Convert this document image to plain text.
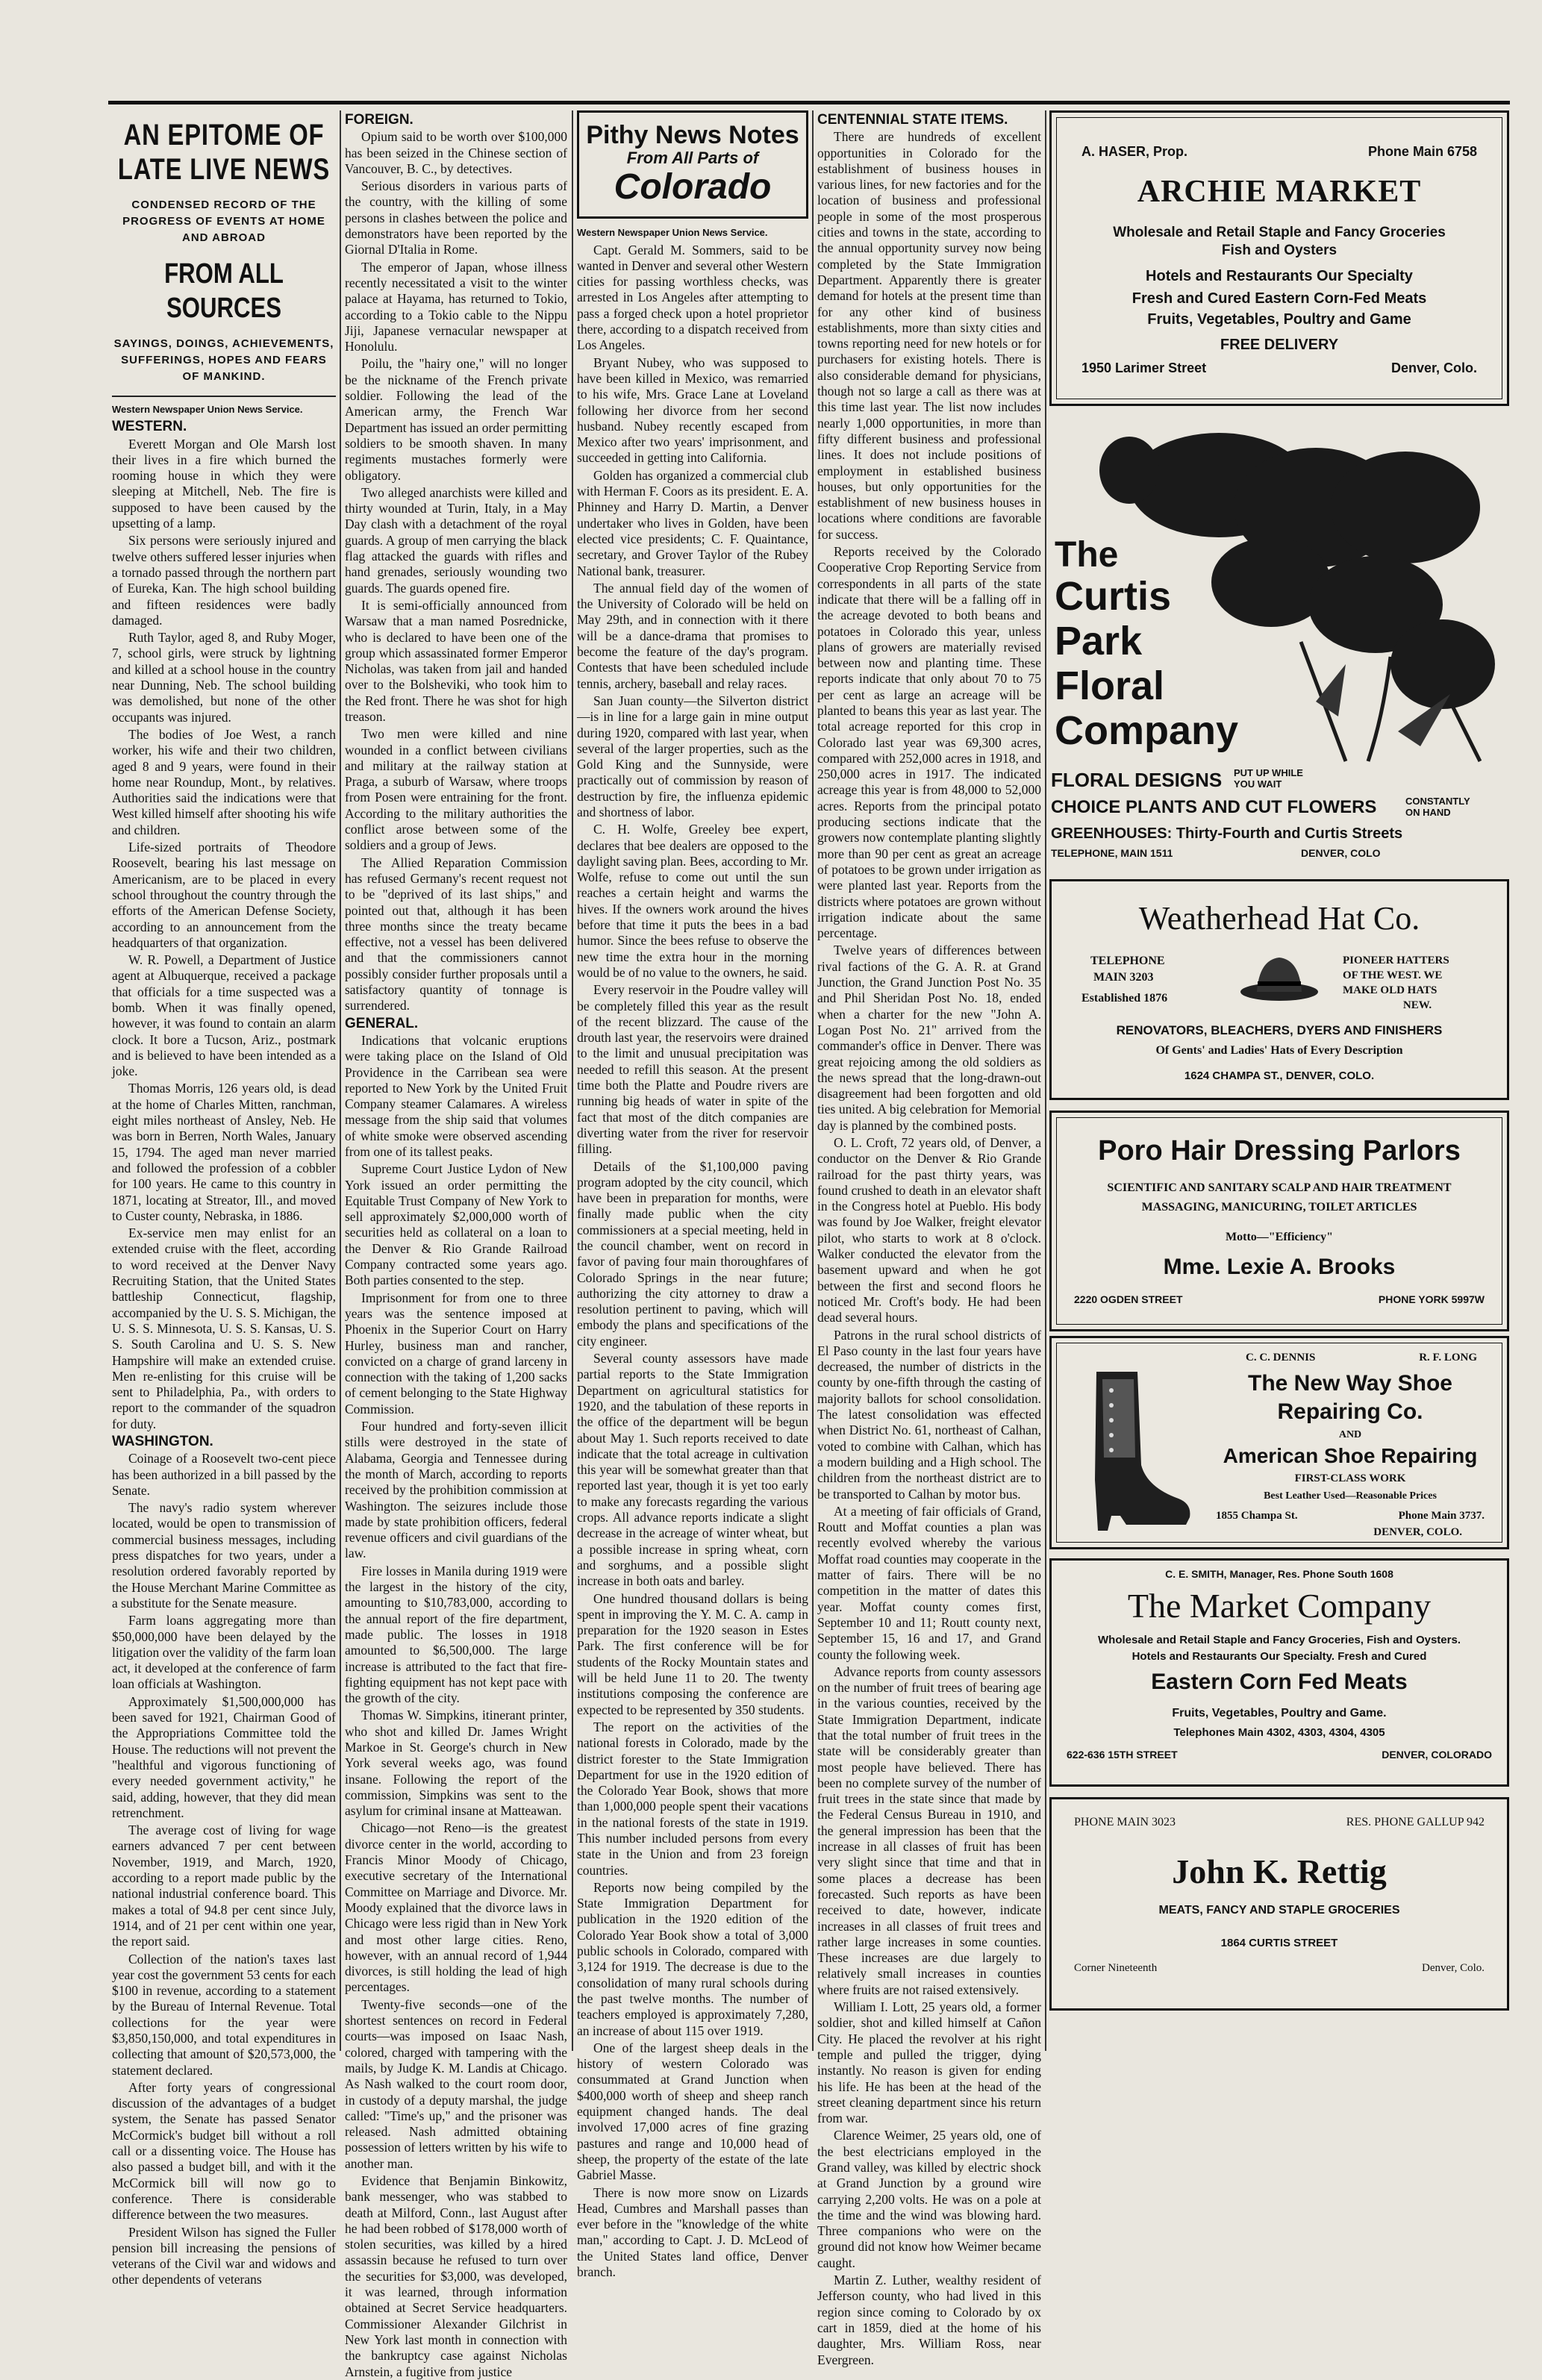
AN EPITOME OF
LATE LIVE NEWS
CONDENSED RECORD OF THE PROGRESS OF EVENTS AT HOME AND ABROAD
FROM ALL SOURCES
SAYINGS, DOINGS, ACHIEVEMENTS, SUFFERINGS, HOPES AND FEARS OF MANKIND.

Western Newspaper Union News Service.

WESTERN.

Everett Morgan and Ole Marsh lost their lives in a fire which burned the rooming house in which they were sleeping at Mitchell, Neb. The fire is supposed to have been caused by the upsetting of a lamp.

Six persons were seriously injured and twelve others suffered lesser injuries when a tornado passed through the northern part of Eureka, Kan. The high school building and fifteen residences were badly damaged.

Ruth Taylor, aged 8, and Ruby Moger, 7, school girls, were struck by lightning and killed at a school house in the country near Dunning, Neb. The school building was demolished, but none of the other occupants was injured.

The bodies of Joe West, a ranch worker, his wife and their two children, aged 8 and 9 years, were found in their home near Roundup, Mont., by relatives. Authorities said the indications were that West killed himself after shooting his wife and children.

Life-sized portraits of Theodore Roosevelt, bearing his last message on Americanism, are to be placed in every school throughout the country through the efforts of the American Defense Society, according to an announcement from the headquarters of that organization.

W. R. Powell, a Department of Justice agent at Albuquerque, received a package that officials for a time suspected was a bomb. When it was finally opened, however, it was found to contain an alarm clock. It bore a Tucson, Ariz., postmark and is believed to have been intended as a joke.

Thomas Morris, 126 years old, is dead at the home of Charles Mitten, ranchman, eight miles northeast of Ansley, Neb. He was born in Berren, North Wales, January 15, 1794. The aged man never married and followed the profession of a cobbler for 100 years. He came to this country in 1871, locating at Streator, Ill., and moved to Custer county, Nebraska, in 1886.

Ex-service men may enlist for an extended cruise with the fleet, according to word received at the Denver Navy Recruiting Station, that the United States battleship Connecticut, flagship, accompanied by the U. S. S. Michigan, the U. S. S. Minnesota, U. S. S. Kansas, U. S. S. South Carolina and U. S. S. New Hampshire will make an extended cruise. Men re-enlisting for this cruise will be sent to Philadelphia, Pa., with orders to report to the commander of the squadron for duty.

WASHINGTON.

Coinage of a Roosevelt two-cent piece has been authorized in a bill passed by the Senate.

The navy's radio system wherever located, would be open to transmission of commercial business messages, including press dispatches for two years, under a resolution ordered favorably reported by the House Merchant Marine Committee as a substitute for the Senate measure.

Farm loans aggregating more than $50,000,000 have been delayed by the litigation over the validity of the farm loan act, it developed at the conference of farm loan officials at Washington.

Approximately $1,500,000,000 has been saved for 1921, Chairman Good of the Appropriations Committee told the House. The reductions will not prevent the "healthful and vigorous functioning of every needed government activity," he said, adding, however, that they did mean retrenchment.

The average cost of living for wage earners advanced 7 per cent between November, 1919, and March, 1920, according to a report made public by the national industrial conference board. This makes a total of 94.8 per cent since July, 1914, and of 21 per cent within one year, the report said.

Collection of the nation's taxes last year cost the government 53 cents for each $100 in revenue, according to a statement by the Bureau of Internal Revenue. Total collections for the year were $3,850,150,000, and total expenditures in collecting that amount of $20,573,000, the statement declared.

After forty years of congressional discussion of the advantages of a budget system, the Senate has passed Senator McCormick's budget bill without a roll call or a dissenting voice. The House has also passed a budget bill, and with it the McCormick bill will now go to conference. There is considerable difference between the two measures.

President Wilson has signed the Fuller pension bill increasing the pensions of veterans of the Civil war and widows and other dependents of veterans

FOREIGN.

Opium said to be worth over $100,000 has been seized in the Chinese section of Vancouver, B. C., by detectives.

Serious disorders in various parts of the country, with the killing of some persons in clashes between the police and demonstrators have been reported by the Giornal D'Italia in Rome.

The emperor of Japan, whose illness recently necessitated a visit to the winter palace at Hayama, has returned to Tokio, according to a Tokio cable to the Nippu Jiji, Japanese vernacular newspaper at Honolulu.

Poilu, the "hairy one," will no longer be the nickname of the French private soldier. Following the lead of the American army, the French War Department has issued an order permitting soldiers to be smooth shaven. In many regiments mustaches formerly were obligatory.

Two alleged anarchists were killed and thirty wounded at Turin, Italy, in a May Day clash with a detachment of the royal guards. A group of men carrying the black flag attacked the guards with rifles and hand grenades, seriously wounding two guards. The guards opened fire.

It is semi-officially announced from Warsaw that a man named Posrednicke, who is declared to have been one of the group which assassinated former Emperor Nicholas, was taken from jail and handed over to the Bolsheviki, who took him to the Red front. There he was shot for high treason.

Two men were killed and nine wounded in a conflict between civilians and military at the railway station at Praga, a suburb of Warsaw, where troops from Posen were entraining for the front. According to the military authorities the conflict arose between some of the soldiers and a group of Jews.

The Allied Reparation Commission has refused Germany's recent request not to be "deprived of its last ships," and pointed out that, although it has been three months since the treaty became effective, not a vessel has been delivered and that the commissioners cannot possibly consider further proposals until a satisfactory quantity of tonnage is surrendered.

GENERAL.

Indications that volcanic eruptions were taking place on the Island of Old Providence in the Carribean sea were reported to New York by the United Fruit Company steamer Calamares. A wireless message from the ship said that volumes of white smoke were observed ascending from one of its tallest peaks.

Supreme Court Justice Lydon of New York issued an order permitting the Equitable Trust Company of New York to sell approximately $2,000,000 worth of securities held as collateral on a loan to the Denver & Rio Grande Railroad Company contracted some years ago. Both parties consented to the step.

Imprisonment for from one to three years was the sentence imposed at Phoenix in the Superior Court on Harry Hurley, business man and rancher, convicted on a charge of grand larceny in connection with the taking of 1,200 sacks of cement belonging to the State Highway Commission.

Four hundred and forty-seven illicit stills were destroyed in the state of Alabama, Georgia and Tennessee during the month of March, according to reports received by the prohibition commission at Washington. The seizures include those made by state prohibition officers, federal revenue officers and civil guardians of the law.

Fire losses in Manila during 1919 were the largest in the history of the city, amounting to $10,783,000, according to the annual report of the fire department, made public. The losses in 1918 amounted to $6,500,000. The large increase is attributed to the fact that fire-fighting equipment has not kept pace with the growth of the city.

Thomas W. Simpkins, itinerant printer, who shot and killed Dr. James Wright Markoe in St. George's church in New York several weeks ago, was found insane. Following the report of the commission, Simpkins was sent to the asylum for criminal insane at Matteawan.

Chicago—not Reno—is the greatest divorce center in the world, according to Francis Minor Moody of Chicago, executive secretary of the International Committee on Marriage and Divorce. Mr. Moody explained that the divorce laws in Chicago were less rigid than in New York and most other large cities. Reno, however, with an annual record of 1,944 divorces, is still holding the lead of high percentages.

Twenty-five seconds—one of the shortest sentences on record in Federal courts—was imposed on Isaac Nash, colored, charged with tampering with the mails, by Judge K. M. Landis at Chicago. As Nash walked to the court room door, in custody of a deputy marshal, the judge called: "Time's up," and the prisoner was released. Nash admitted obtaining possession of letters written by his wife to another man.

Evidence that Benjamin Binkowitz, bank messenger, who was stabbed to death at Milford, Conn., last August after he had been robbed of $178,000 worth of stolen securities, was killed by a hired assassin because he refused to turn over the securities for $3,000, was developed, it was learned, through information obtained at Secret Service headquarters. Commissioner Alexander Gilchrist in New York last month in connection with the bankruptcy case against Nicholas Arnstein, a fugitive from justice

Pithy News Notes
From All Parts of
Colorado

Western Newspaper Union News Service.

Capt. Gerald M. Sommers, said to be wanted in Denver and several other Western cities for passing worthless checks, was arrested in Los Angeles after attempting to pass a forged check upon a hotel proprietor there, according to a dispatch received from Los Angeles.

Bryant Nubey, who was supposed to have been killed in Mexico, was remarried to his wife, Mrs. Grace Lane at Loveland following her divorce from her second husband. Nubey recently escaped from Mexico after two years' imprisonment, and succeeded in getting into California.

Golden has organized a commercial club with Herman F. Coors as its president. E. A. Phinney and Harry D. Martin, a Denver undertaker who lives in Golden, have been elected vice presidents; C. F. Quaintance, secretary, and Grover Taylor of the Rubey National bank, treasurer.

The annual field day of the women of the University of Colorado will be held on May 29th, and in connection with it there will be a dance-drama that promises to become the feature of the day's program. Contests that have been scheduled include tennis, archery, baseball and relay races.

San Juan county—the Silverton district—is in line for a large gain in mine output during 1920, compared with last year, when several of the larger properties, such as the Gold King and the Sunnyside, were practically out of commission by reason of destruction by fire, the influenza epidemic and shortness of labor.

C. H. Wolfe, Greeley bee expert, declares that bee dealers are opposed to the daylight saving plan. Bees, according to Mr. Wolfe, refuse to come out until the sun reaches a certain height and warms the hives. If the owners work around the hives before that time it puts the bees in a bad humor. Since the bees refuse to observe the new time the extra hour in the morning would be of no value to the owners, he said.

Every reservoir in the Poudre valley will be completely filled this year as the result of the recent blizzard. The cause of the drouth last year, the reservoirs were drained to the limit and unusual precipitation was needed to refill this season. At the present time both the Platte and Poudre rivers are running big heads of water in spite of the fact that most of the ditch companies are diverting water from the river for reservoir filling.

Details of the $1,100,000 paving program adopted by the city council, which have been in preparation for months, were finally made public when the city commissioners at a special meeting, held in the council chamber, went on record in favor of paving four main thoroughfares of Colorado Springs in the near future; authorizing the city attorney to draw a resolution pertinent to paving, which will embody the plans and specifications of the city engineer.

Several county assessors have made partial reports to the State Immigration Department on agricultural statistics for 1920, and the tabulation of these reports in the office of the department will be begun about May 1. Such reports received to date indicate that the total acreage in cultivation this year will be somewhat greater than that reported last year, though it is yet too early to make any forecasts regarding the various crops. All advance reports indicate a slight decrease in the acreage of winter wheat, but a possible increase in spring wheat, corn and sorghums, and a possible slight increase in both oats and barley.

One hundred thousand dollars is being spent in improving the Y. M. C. A. camp in preparation for the 1920 season in Estes Park. The first conference will be for students of the Rocky Mountain states and will be held June 11 to 20. The twenty institutions composing the conference are expected to be represented by 350 students.

The report on the activities of the national forests in Colorado, made by the district forester to the State Immigration Department for use in the 1920 edition of the Colorado Year Book, shows that more than 1,000,000 people spent their vacations in the national forests of the state in 1919. This number included persons from every state in the Union and from 23 foreign countries.

Reports now being compiled by the State Immigration Department for publication in the 1920 edition of the Colorado Year Book show a total of 3,000 public schools in Colorado, compared with 3,124 for 1919. The decrease is due to the consolidation of many rural schools during the past twelve months. The number of teachers employed is approximately 7,280, an increase of about 115 over 1919.

One of the largest sheep deals in the history of western Colorado was consummated at Grand Junction when $400,000 worth of sheep and sheep ranch equipment changed hands. The deal involved 17,000 acres of fine grazing pastures and range and 10,000 head of sheep, the property of the estate of the late Gabriel Masse.

There is now more snow on Lizards Head, Cumbres and Marshall passes than ever before in the "knowledge of the white man," according to Capt. J. D. McLeod of the United States land office, Denver branch.

CENTENNIAL STATE ITEMS.

There are hundreds of excellent opportunities in Colorado for the establishment of business houses in various lines, for new factories and for the location of business and professional people in some of the most prosperous cities and towns in the state, according to the annual opportunity survey now being completed by the State Immigration Department. Apparently there is greater demand for hotels at the present time than for any other kind of business establishments, more than sixty cities and towns reporting need for new hotels or for purchasers for existing hotels. There is also considerable demand for physicians, though not so large a call as there was at this time last year. The list now includes nearly 1,000 opportunities, in more than fifty different business and professional lines. It does not include positions of employment in established business houses, but only opportunities for the establishment of new business houses in locations where conditions are favorable for success.

Reports received by the Colorado Cooperative Crop Reporting Service from correspondents in all parts of the state indicate that there will be a falling off in the acreage devoted to both beans and potatoes in Colorado this year, unless plans of growers are materially revised between now and planting time. These reports indicate that only about 70 to 75 per cent as large an acreage will be planted to beans this year as last year. The total acreage reported for this crop in Colorado last year was 69,300 acres, compared with 252,000 acres in 1918, and 250,000 acres in 1917. The indicated acreage this year is from 48,000 to 52,000 acres. Reports from the principal potato producing sections indicate that the growers now contemplate planting slightly more than 90 per cent as great an acreage of potatoes to be grown under irrigation as were planted last year. Reports from the districts where potatoes are grown without irrigation indicate about the same percentage.

Twelve years of differences between rival factions of the G. A. R. at Grand Junction, the Grand Junction Post No. 35 and Phil Sheridan Post No. 18, ended when a charter for the new "John A. Logan Post No. 21" arrived from the commander's office in Denver. There was great rejoicing among the old soldiers as the news spread that the long-drawn-out disagreement had been forgotten and old ties united. A big celebration for Memorial day is planned by the combined posts.

O. L. Croft, 72 years old, of Denver, a conductor on the Denver & Rio Grande railroad for the past thirty years, was found crushed to death in an elevator shaft in the Congress hotel at Pueblo. His body was found by Joe Walker, freight elevator pilot, who starts to work at 8 o'clock. Walker conducted the elevator from the basement upward and when he got between the first and second floors he noticed Mr. Croft's body. He had been dead several hours.

Patrons in the rural school districts of El Paso county in the last four years have decreased, the number of districts in the county by one-fifth through the casting of majority ballots for school consolidation. The latest consolidation was effected when District No. 61, northeast of Calhan, voted to combine with Calhan, which has a modern building and a High school. The children from the northeast district are to be transported to Calhan by motor bus.

At a meeting of fair officials of Grand, Routt and Moffat counties a plan was recently evolved whereby the various Moffat road counties may cooperate in the matter of fairs. There will be no competition in the matter of dates this year. Moffat county comes first, September 10 and 11; Routt county next, September 15, 16 and 17, and Grand county the following week.

Advance reports from county assessors on the number of fruit trees of bearing age in the various counties, received by the State Immigration Department, indicate that the total number of fruit trees in the state will be considerably greater than most people have believed. There has been no complete survey of the number of fruit trees in the state since that made by the Federal Census Bureau in 1910, and the general impression has been that the increase in all classes of fruit has been very slight since that time and that in some places a decrease has been forecasted. Such reports as have been received to date, however, indicate increases in all classes of fruit trees and rather large increases in some counties. These increases are due largely to relatively small increases in counties where fruits are not raised extensively.

William I. Lott, 25 years old, a former soldier, shot and killed himself at Cañon City. He placed the revolver at his right temple and pulled the trigger, dying instantly. No reason is given for ending his life. He has been at the head of the street cleaning department since his return from war.

Clarence Weimer, 25 years old, one of the best electricians employed in the Grand valley, was killed by electric shock at Grand Junction by a ground wire carrying 2,200 volts. He was on a pole at the time and the wind was blowing hard. Three companions who were on the ground did not know how Weimer became caught.

Martin Z. Luther, wealthy resident of Jefferson county, who had lived in this region since coming to Colorado by ox cart in 1859, died at the home of his daughter, Mrs. William Ross, near Evergreen.

A. HASER, Prop.	Phone Main 6758
ARCHIE MARKET
Wholesale and Retail Staple and Fancy Groceries
Fish and Oysters
Hotels and Restaurants Our Specialty
Fresh and Cured Eastern Corn-Fed Meats
Fruits, Vegetables, Poultry and Game
FREE DELIVERY
1950 Larimer Street	Denver, Colo.
The
Curtis
Park
Floral
Company
FLORAL DESIGNS PUT UP WHILE
YOU WAIT
CHOICE PLANTS AND CUT FLOWERS	CONSTANTLY
ON HAND
GREENHOUSES: Thirty-Fourth and Curtis Streets
TELEPHONE, MAIN 1511	DENVER, COLO
Weatherhead Hat Co.
TELEPHONE
MAIN 3203
Established 1876
PIONEER HATTERS
OF THE WEST. WE
MAKE OLD HATS
NEW.
RENOVATORS, BLEACHERS, DYERS AND FINISHERS
Of Gents' and Ladies' Hats of Every Description
1624 CHAMPA ST., DENVER, COLO.
Poro Hair Dressing Parlors
SCIENTIFIC AND SANITARY SCALP AND HAIR TREATMENT
MASSAGING, MANICURING, TOILET ARTICLES
Motto—"Efficiency"
Mme. Lexie A. Brooks
2220 OGDEN STREET	PHONE YORK 5997W
C. C. DENNIS	R. F. LONG
The New Way Shoe
Repairing Co.
AND
American Shoe Repairing
FIRST-CLASS WORK
Best Leather Used—Reasonable Prices
1855 Champa St.	Phone Main 3737.
DENVER, COLO.
C. E. SMITH, Manager, Res. Phone South 1608
The Market Company
Wholesale and Retail Staple and Fancy Groceries, Fish and Oysters.
Hotels and Restaurants Our Specialty. Fresh and Cured
Eastern Corn Fed Meats
Fruits, Vegetables, Poultry and Game.
Telephones Main 4302, 4303, 4304, 4305
622-636 15TH STREET	DENVER, COLORADO
PHONE MAIN 3023	RES. PHONE GALLUP 942
John K. Rettig
MEATS, FANCY AND STAPLE GROCERIES
1864 CURTIS STREET
Corner Nineteenth	Denver, Colo.
